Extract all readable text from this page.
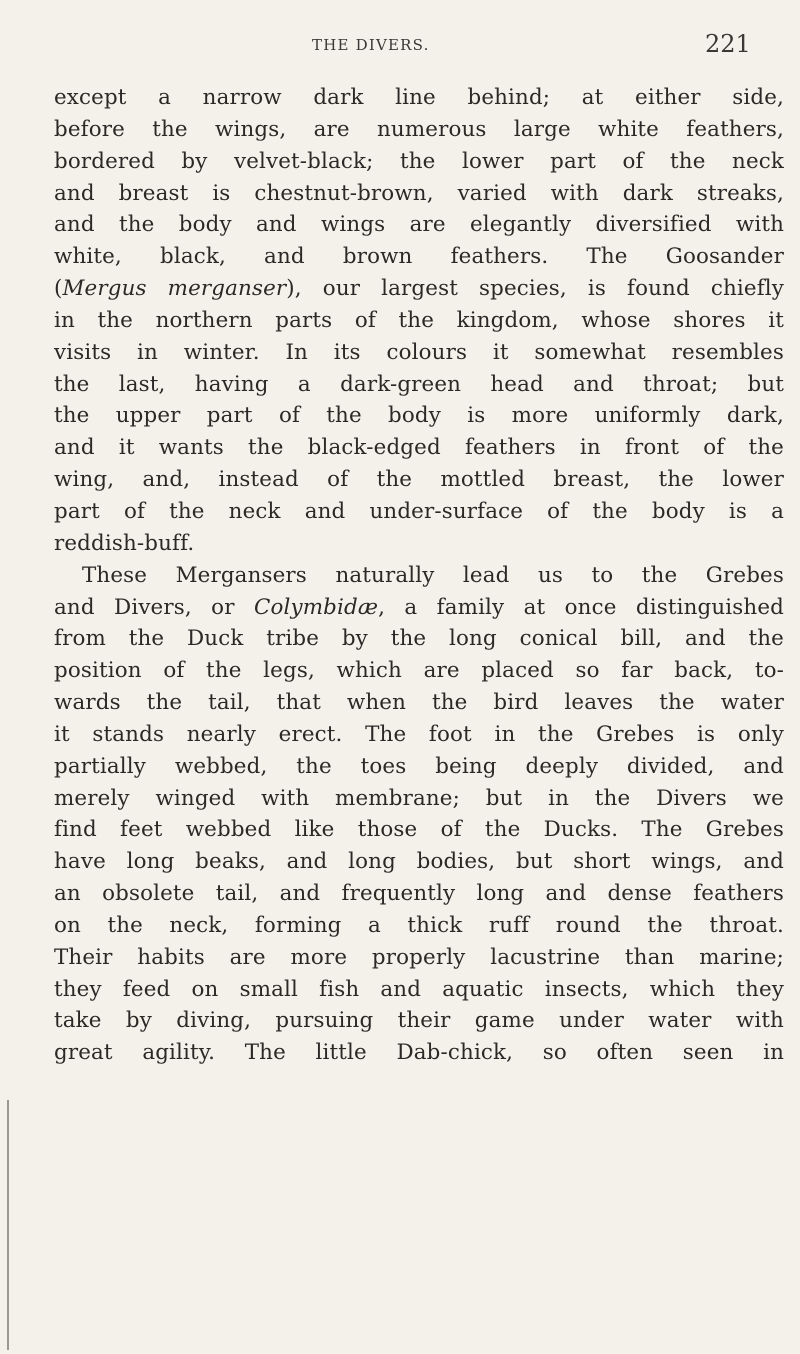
THE DIVERS.	221
except a narrow dark line behind; at either side,
before the wings, are numerous large white feathers,
bordered by velvet-black; the lower part of the neck
and breast is chestnut-brown, varied with dark streaks,
and the body and wings are elegantly diversified with
white, black, and brown feathers. The Goosander
(Mergus merganser), our largest species, is found chiefly
in the northern parts of the kingdom, whose shores it
visits in winter. In its colours it somewhat resembles
the last, having a dark-green head and throat; but
the upper part of the body is more uniformly dark,
and it wants the black-edged feathers in front of the
wing, and, instead of the mottled breast, the lower
part of the neck and under-surface of the body is a
reddish-buff.
These Mergansers naturally lead us to the Grebes
and Divers, or Colymbidæ, a family at once distinguished
from the Duck tribe by the long conical bill, and the
position of the legs, which are placed so far back, to-
wards the tail, that when the bird leaves the water
it stands nearly erect. The foot in the Grebes is only
partially webbed, the toes being deeply divided, and
merely winged with membrane; but in the Divers we
find feet webbed like those of the Ducks. The Grebes
have long beaks, and long bodies, but short wings, and
an obsolete tail, and frequently long and dense feathers
on the neck, forming a thick ruff round the throat.
Their habits are more properly lacustrine than marine;
they feed on small fish and aquatic insects, which they
take by diving, pursuing their game under water with
great agility. The little Dab-chick, so often seen in
